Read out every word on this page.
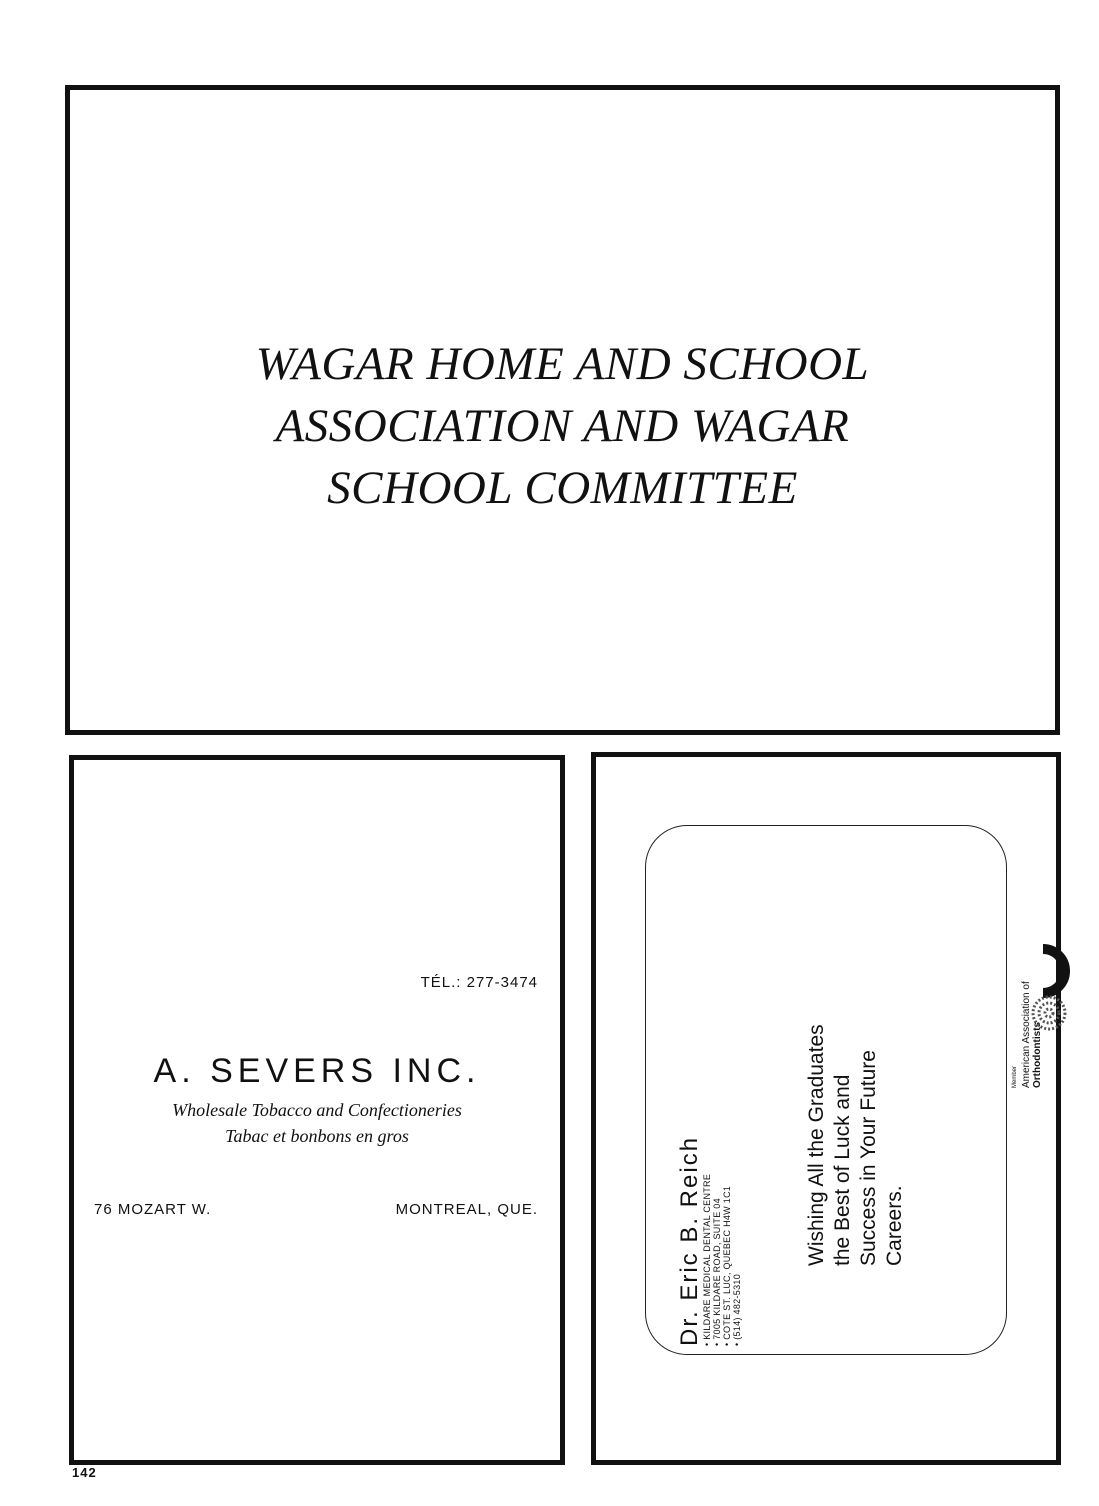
WAGAR HOME AND SCHOOL
ASSOCIATION AND WAGAR
SCHOOL COMMITTEE
TÉL.: 277-3474
A. SEVERS INC.
Wholesale Tobacco and Confectioneries
Tabac et bonbons en gros
76 MOZART W.	MONTREAL, QUE.	Dr. Eric B. Reich • KILDARE MEDICAL DENTAL CENTRE • 7005 KILDARE ROAD, SUITE 04 • COTE ST. LUC, QUEBEC H4W 1C1 • (514) 482-5310
Wishing All the Graduates the Best of Luck and Success in Your Future Careers.
Member American Association of Orthodontists
142
